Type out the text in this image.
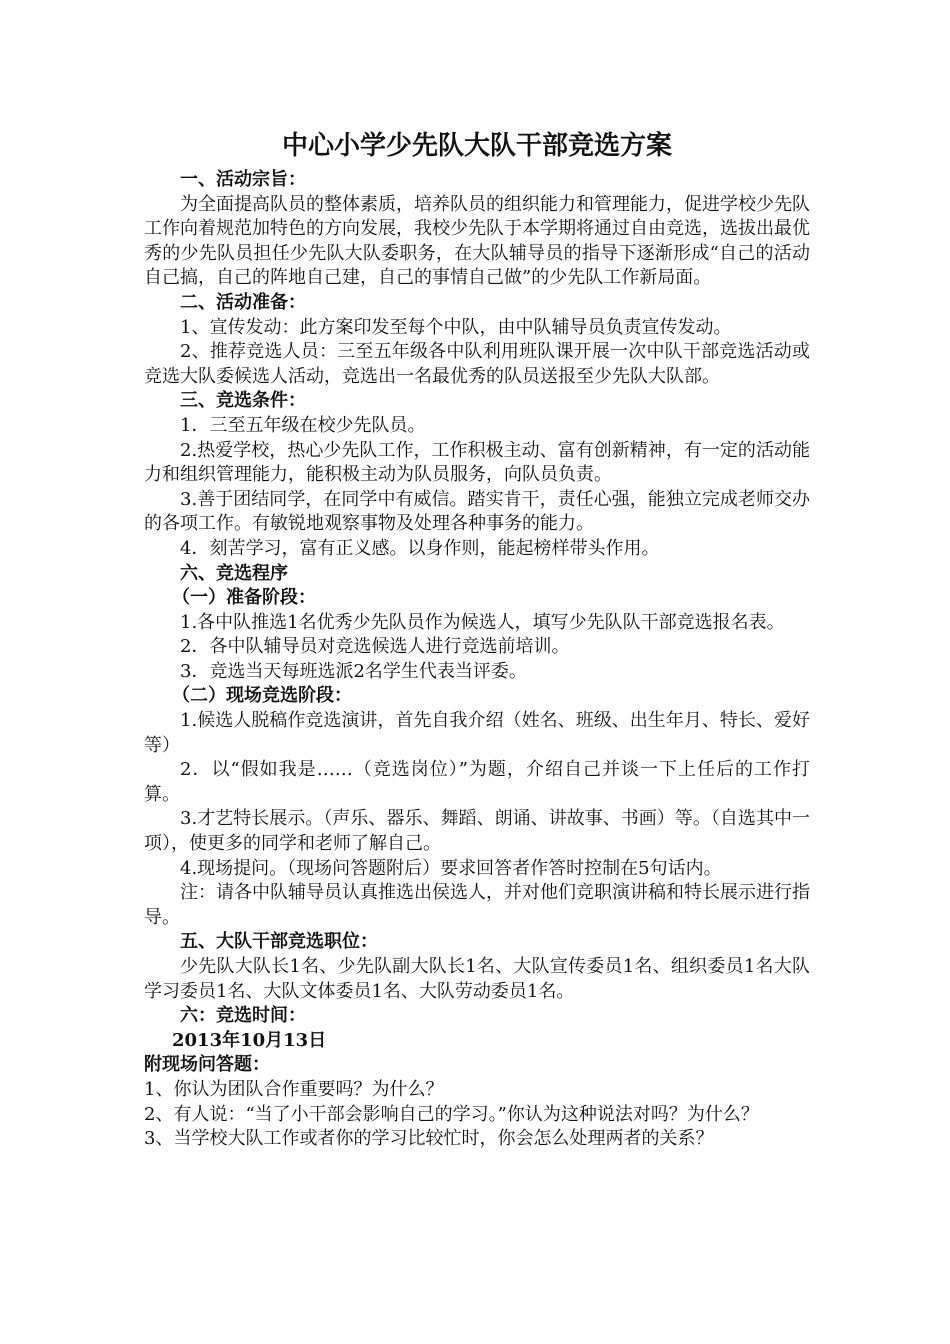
中心小学少先队大队干部竞选方案

一、活动宗旨：

为全面提高队员的整体素质，培养队员的组织能力和管理能力，促进学校少先队工作向着规范加特色的方向发展，我校少先队于本学期将通过自由竞选，选拔出最优秀的少先队员担任少先队大队委职务，在大队辅导员的指导下逐渐形成“自己的活动自己搞，自己的阵地自己建，自己的事情自己做”的少先队工作新局面。

二、活动准备：

1、宣传发动：此方案印发至每个中队，由中队辅导员负责宣传发动。

2、推荐竞选人员：三至五年级各中队利用班队课开展一次中队干部竞选活动或竞选大队委候选人活动，竞选出一名最优秀的队员送报至少先队大队部。

三、竞选条件：

1．三至五年级在校少先队员。

2.热爱学校，热心少先队工作，工作积极主动、富有创新精神，有一定的活动能力和组织管理能力，能积极主动为队员服务，向队员负责。

3.善于团结同学，在同学中有威信。踏实肯干，责任心强，能独立完成老师交办的各项工作。有敏锐地观察事物及处理各种事务的能力。

4．刻苦学习，富有正义感。以身作则，能起榜样带头作用。

六、竞选程序

（一）准备阶段：

1.各中队推选1名优秀少先队员作为候选人，填写少先队队干部竞选报名表。

2．各中队辅导员对竞选候选人进行竞选前培训。

3．竞选当天每班选派2名学生代表当评委。

（二）现场竞选阶段：

1.候选人脱稿作竞选演讲，首先自我介绍（姓名、班级、出生年月、特长、爱好等）

2．以“假如我是……（竞选岗位）”为题，介绍自己并谈一下上任后的工作打算。

3.才艺特长展示。（声乐、器乐、舞蹈、朗诵、讲故事、书画）等。（自选其中一项），使更多的同学和老师了解自己。

4.现场提问。（现场问答题附后）要求回答者作答时控制在5句话内。

注：请各中队辅导员认真推选出侯选人，并对他们竞职演讲稿和特长展示进行指导。

五、大队干部竞选职位：

少先队大队长1名、少先队副大队长1名、大队宣传委员1名、组织委员1名大队学习委员1名、大队文体委员1名、大队劳动委员1名。

六：竞选时间：

2013年10月13日

附现场问答题：

1、你认为团队合作重要吗？为什么？

2、有人说：“当了小干部会影响自己的学习。”你认为这种说法对吗？为什么？

3、当学校大队工作或者你的学习比较忙时，你会怎么处理两者的关系？
